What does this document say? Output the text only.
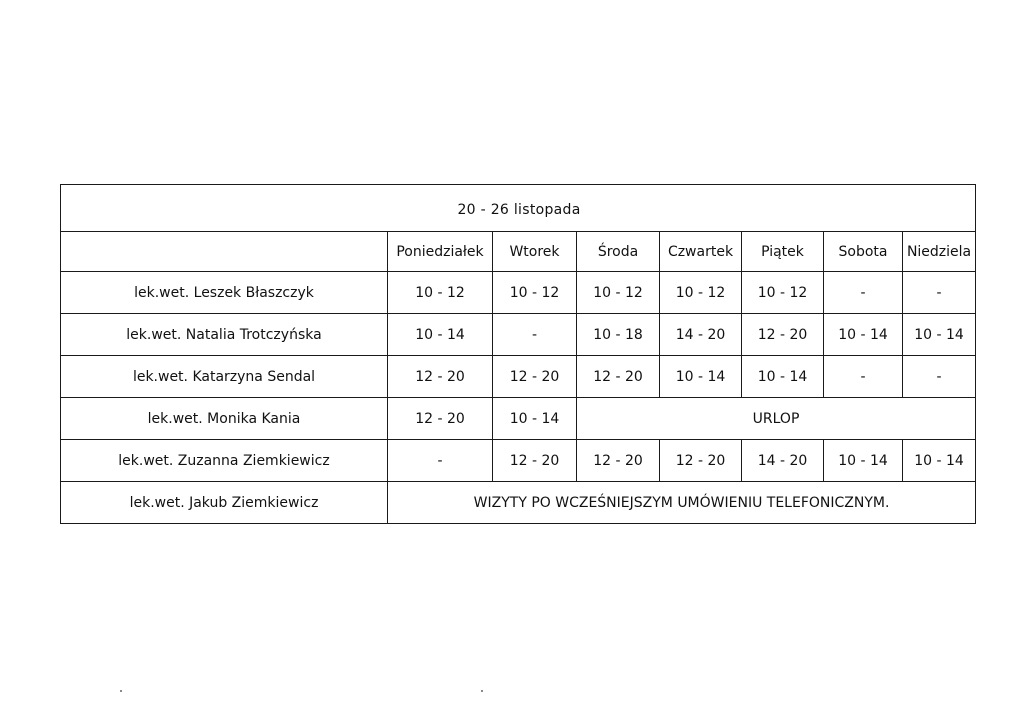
20 - 26 listopada							
	Poniedziałek	Wtorek	Środa	Czwartek	Piątek	Sobota	Niedziela
lek.wet. Leszek Błaszczyk	10 - 12	10 - 12	10 - 12	10 - 12	10 - 12	-	-
lek.wet. Natalia Trotczyńska	10 - 14	-	10 - 18	14 - 20	12 - 20	10 - 14	10 - 14
lek.wet. Katarzyna Sendal	12 - 20	12 - 20	12 - 20	10 - 14	10 - 14	-	-
lek.wet. Monika Kania	12 - 20	10 - 14	URLOP				
lek.wet. Zuzanna Ziemkiewicz	-	12 - 20	12 - 20	12 - 20	14 - 20	10 - 14	10 - 14
lek.wet. Jakub Ziemkiewicz	WIZYTY PO WCZEŚNIEJSZYM UMÓWIENIU TELEFONICZNYM.						
